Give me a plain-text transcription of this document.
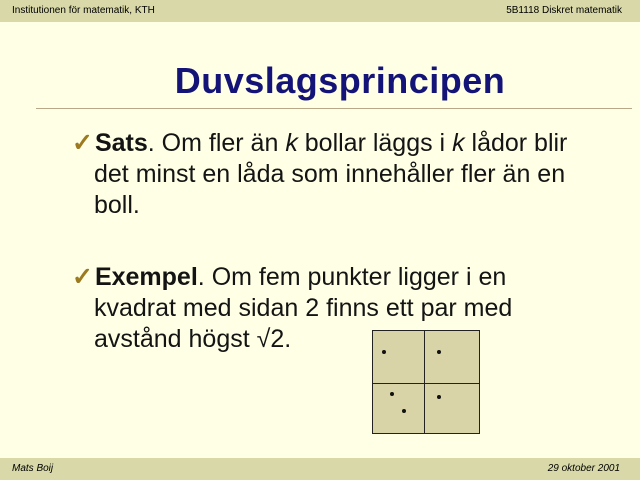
Institutionen för matematik, KTH	5B1118 Diskret matematik
Duvslagsprincipen
✓Sats. Om fler än k bollar läggs i k lådor blir
det minst en låda som innehåller fler än en
boll.
✓Exempel. Om fem punkter ligger i en
kvadrat med sidan 2 finns ett par med
avstånd högst √2.
Mats Boij	29 oktober 2001
